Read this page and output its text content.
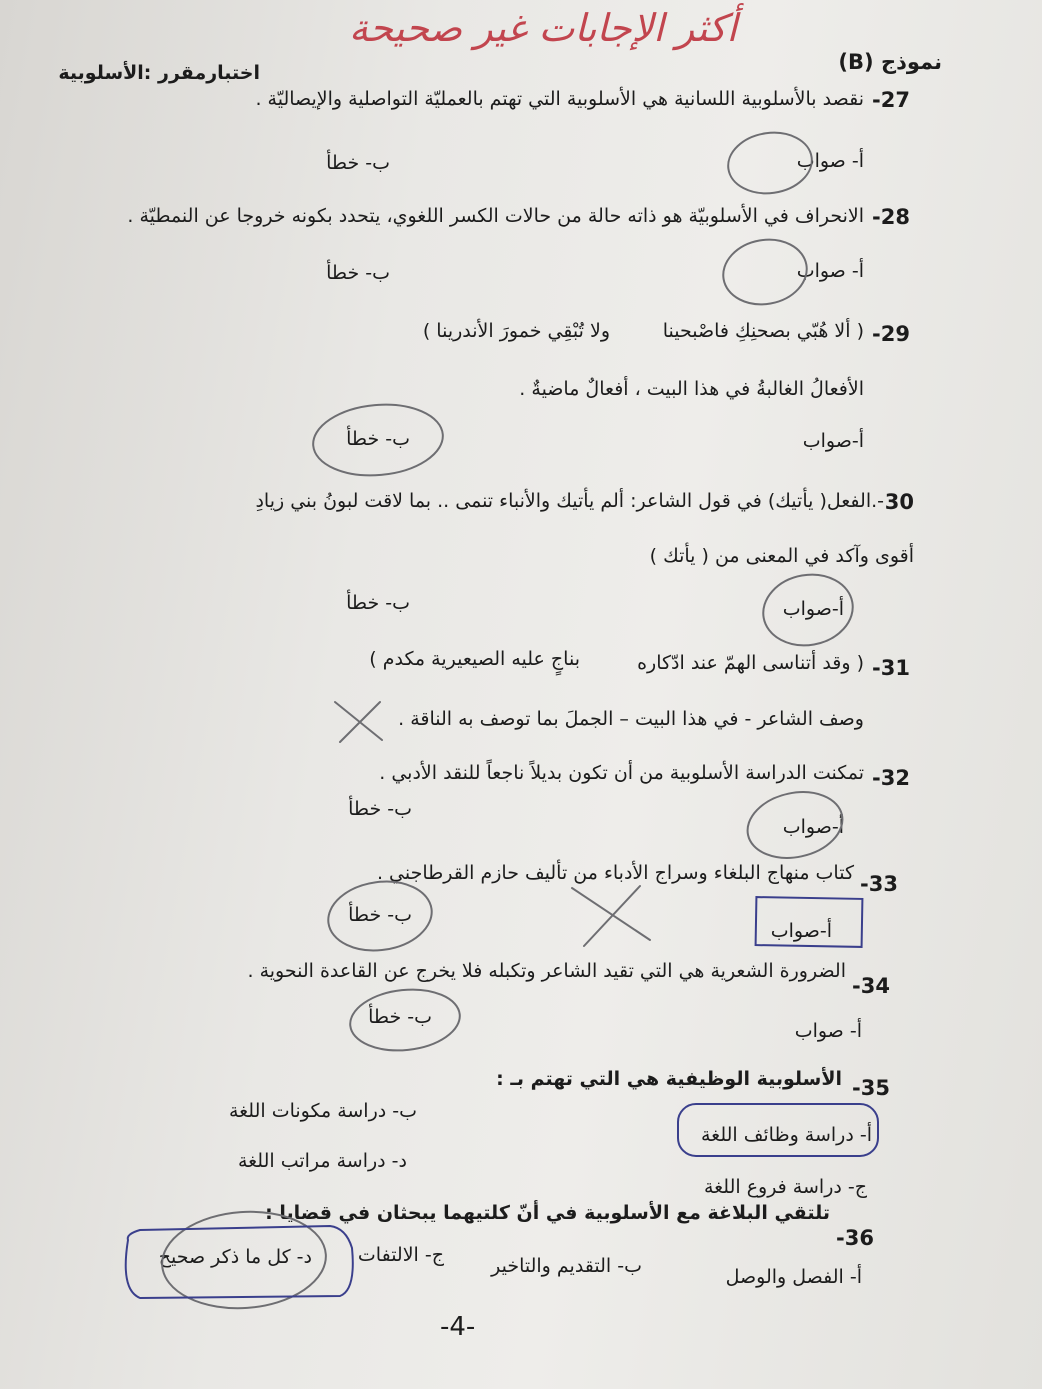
أكثر الإجابات غير صحيحة
نموذج (B)
اختبارمقرر :الأسلوبية
27-
نقصد بالأسلوبية اللسانية هي الأسلوبية التي تهتم بالعمليّة التواصلية والإيصاليّة .
أ- صواب
ب- خطأ
28-
الانحراف في الأسلوبيّة هو ذاته حالة من حالات الكسر اللغوي، يتحدد بكونه خروجا عن النمطيّة .
أ- صواب
ب- خطأ
29-
( ألا هُبّي بصحنِكِ فاصْبحينا
ولا تُبْقِي خمورَ الأندرينا )
الأفعالُ الغالبةُ في هذا البيت ، أفعالٌ ماضيةٌ .
أ-صواب
ب- خطأ
30
-.الفعل( يأتيك) في قول الشاعر: ألم يأتيك والأنباء تنمى .. بما لاقت لبونُ بني زيادِ
أقوى وآكد في المعنى من ( يأتك )
أ-صواب
ب- خطأ
31-
( وقد أتناسى الهمّ عند ادّكاره
بناجٍ عليه الصيعيرية مكدم )
وصف الشاعر - في هذا البيت – الجملَ بما توصف به الناقة .
32-
تمكنت الدراسة الأسلوبية من أن تكون بديلاً ناجعاً للنقد الأدبي .
أ-صواب
ب- خطأ
33-
كتاب منهاج البلغاء وسراج الأدباء من تأليف حازم القرطاجني .
أ-صواب
ب- خطأ
34-
الضرورة الشعرية هي التي تقيد الشاعر وتكبله فلا يخرج عن القاعدة النحوية .
أ- صواب
ب- خطأ
35-
الأسلوبية الوظيفية هي التي تهتم بـ :
أ- دراسة وظائف اللغة
ب- دراسة مكونات اللغة
ج- دراسة فروع اللغة
د- دراسة مراتب اللغة
36-
تلتقي البلاغة مع الأسلوبية في أنّ كلتيهما يبحثان في قضايا :
أ- الفصل والوصل
ب- التقديم والتاخير
ج- الالتفات
د- كل ما ذكر صحيح
-4-
